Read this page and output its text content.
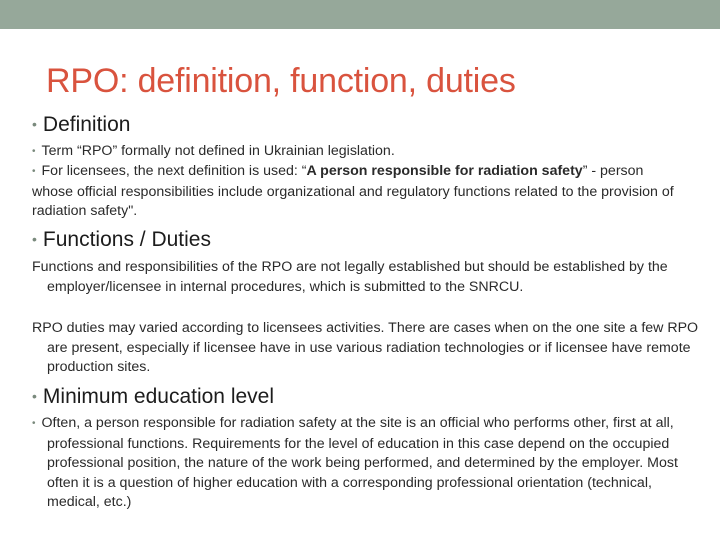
RPO: definition, function, duties
• Definition
• Term “RPO” formally not defined in Ukrainian legislation.
• For licensees, the next definition is used: “A person responsible for radiation safety” - person whose official responsibilities include organizational and regulatory functions related to the provision of radiation safety".
• Functions / Duties
Functions and responsibilities of the RPO are not legally established but should be established by the employer/licensee in internal procedures, which is submitted to the SNRCU.
RPO duties may varied according to licensees activities. There are cases when on the one site a few RPO are present, especially if licensee have in use various radiation technologies or if licensee have remote production sites.
• Minimum education level
• Often, a person responsible for radiation safety at the site is an official who performs other, first at all, professional functions. Requirements for the level of education in this case depend on the occupied professional position, the nature of the work being performed, and determined by the employer. Most often it is a question of higher education with a corresponding professional orientation (technical, medical, etc.)
